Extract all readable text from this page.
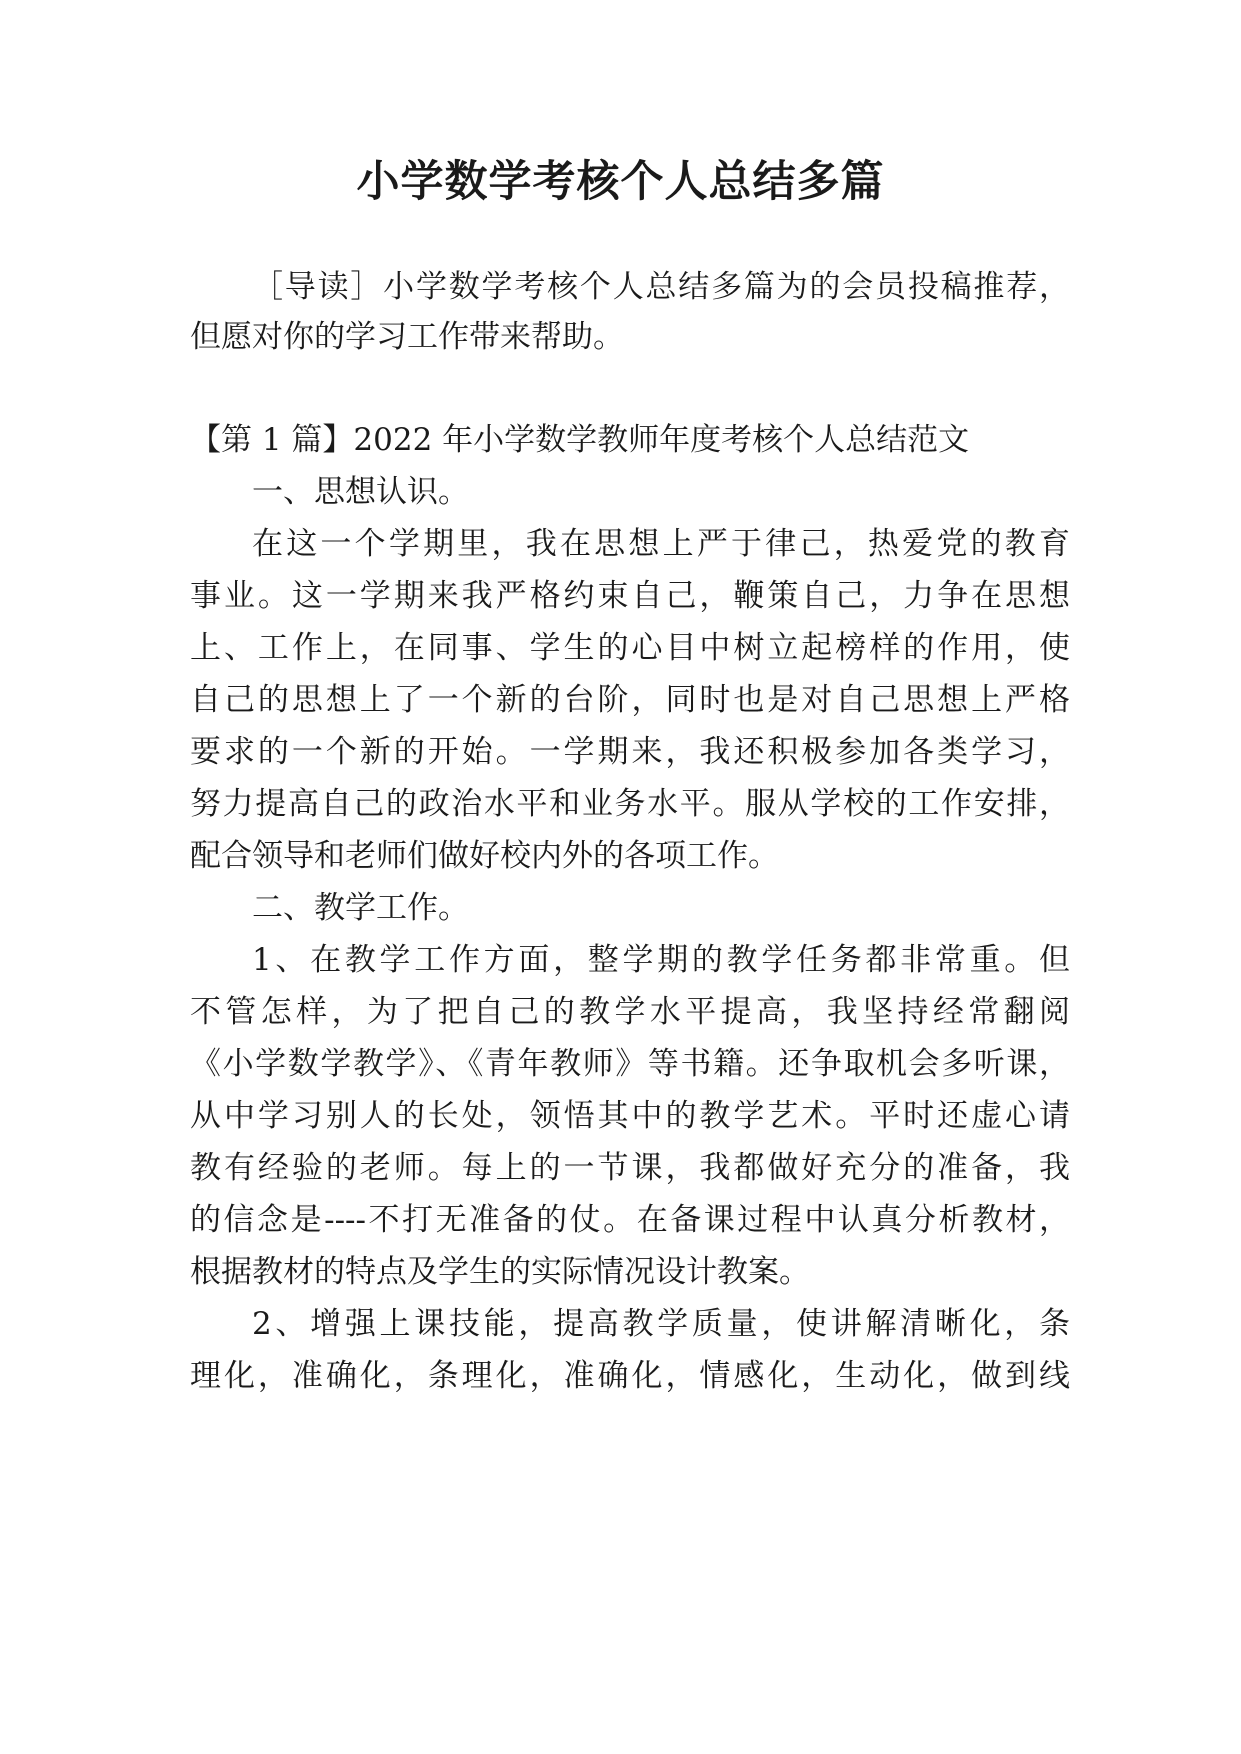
小学数学考核个人总结多篇
［导读］小学数学考核个人总结多篇为的会员投稿推荐，
但愿对你的学习工作带来帮助。
【第 1 篇】2022 年小学数学教师年度考核个人总结范文
一、思想认识。
在这一个学期里，我在思想上严于律己，热爱党的教育
事业。这一学期来我严格约束自己，鞭策自己，力争在思想
上、工作上，在同事、学生的心目中树立起榜样的作用，使
自己的思想上了一个新的台阶，同时也是对自己思想上严格
要求的一个新的开始。一学期来，我还积极参加各类学习，
努力提高自己的政治水平和业务水平。服从学校的工作安排，
配合领导和老师们做好校内外的各项工作。
二、教学工作。
1、在教学工作方面，整学期的教学任务都非常重。但
不管怎样，为了把自己的教学水平提高，我坚持经常翻阅
《小学数学教学》、《青年教师》等书籍。还争取机会多听课，
从中学习别人的长处，领悟其中的教学艺术。平时还虚心请
教有经验的老师。每上的一节课，我都做好充分的准备，我
的信念是----不打无准备的仗。在备课过程中认真分析教材，
根据教材的特点及学生的实际情况设计教案。
2、增强上课技能，提高教学质量，使讲解清晰化，条
理化，准确化，条理化，准确化，情感化，生动化，做到线
